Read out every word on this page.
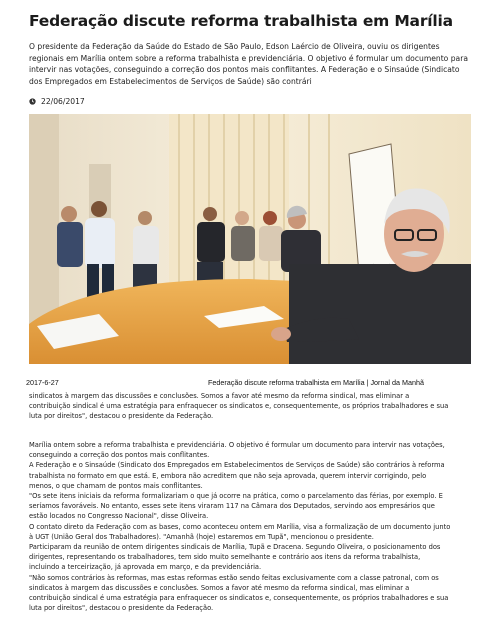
Federação discute reforma trabalhista em Marília
O presidente da Federação da Saúde do Estado de São Paulo, Edson Laércio de Oliveira, ouviu os dirigentes regionais em Marília ontem sobre a reforma trabalhista e previdenciária. O objetivo é formular um documento para intervir nas votações, conseguindo a correção dos pontos mais conflitantes. A Federação e o Sinsaúde (Sindicato dos Empregados em Estabelecimentos de Serviços de Saúde) são contrári
22/06/2017
2017-6-27	Federação discute reforma trabalhista em Marília | Jornal da Manhã

sindicatos à margem das discussões e conclusões. Somos a favor até mesmo da reforma sindical, mas eliminar a

contribuição sindical é uma estratégia para enfraquecer os sindicatos e, consequentemente, os próprios trabalhadores e sua

luta por direitos", destacou o presidente da Federação.

Marília ontem sobre a reforma trabalhista e previdenciária. O objetivo é formular um documento para intervir nas votações,

conseguindo a correção dos pontos mais conflitantes.

A Federação e o Sinsaúde (Sindicato dos Empregados em Estabelecimentos de Serviços de Saúde) são contrários à reforma

trabalhista no formato em que está. E, embora não acreditem que não seja aprovada, querem intervir corrigindo, pelo

menos, o que chamam de pontos mais conflitantes.

"Os sete itens iniciais da reforma formalizariam o que já ocorre na prática, como o parcelamento das férias, por exemplo. E

seríamos favoráveis. No entanto, esses sete itens viraram 117 na Câmara dos Deputados, servindo aos empresários que

estão locados no Congresso Nacional", disse Oliveira.

O contato direto da Federação com as bases, como aconteceu ontem em Marília, visa a formalização de um documento junto

à UGT (União Geral dos Trabalhadores). "Amanhã (hoje) estaremos em Tupã", mencionou o presidente.

Participaram da reunião de ontem dirigentes sindicais de Marília, Tupã e Dracena. Segundo Oliveira, o posicionamento dos

dirigentes, representando os trabalhadores, tem sido muito semelhante e contrário aos itens da reforma trabalhista,

incluindo a terceirização, já aprovada em março, e da previdenciária.

"Não somos contrários às reformas, mas estas reformas estão sendo feitas exclusivamente com a classe patronal, com os

sindicatos à margem das discussões e conclusões. Somos a favor até mesmo da reforma sindical, mas eliminar a

contribuição sindical é uma estratégia para enfraquecer os sindicatos e, consequentemente, os próprios trabalhadores e sua

luta por direitos", destacou o presidente da Federação.
